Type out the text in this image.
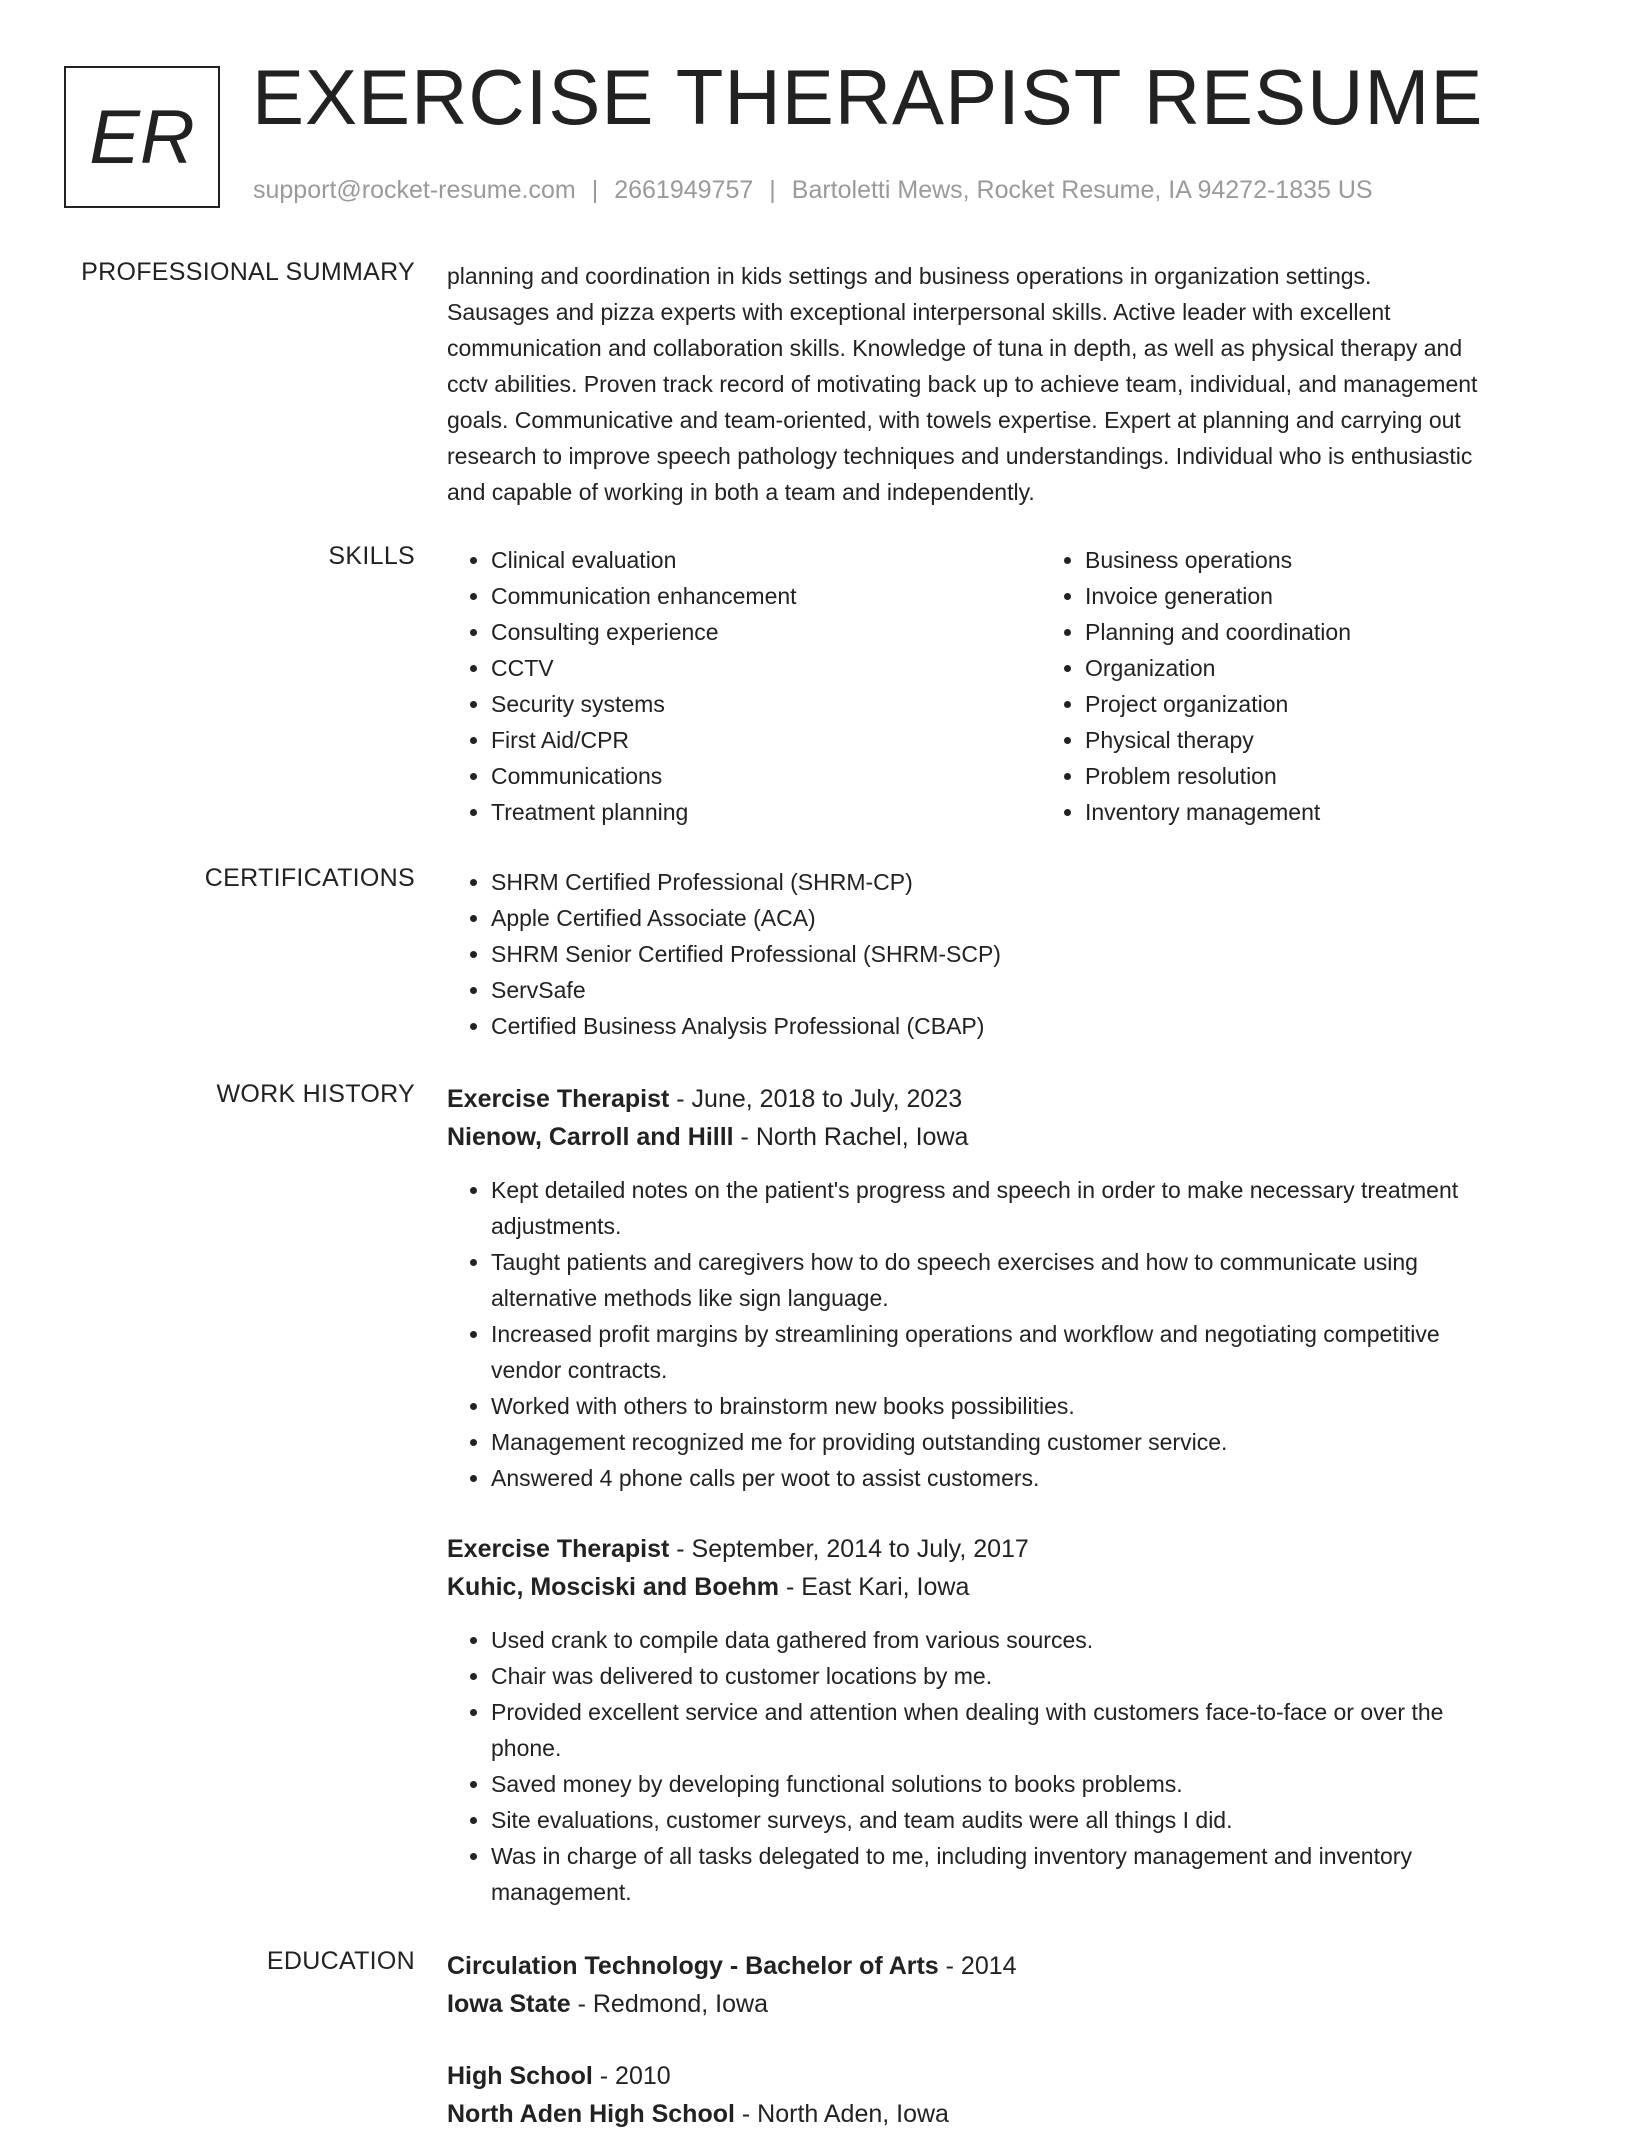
ER EXERCISE THERAPIST RESUME
support@rocket-resume.com | 2661949757 | Bartoletti Mews, Rocket Resume, IA 94272-1835 US
PROFESSIONAL SUMMARY planning and coordination in kids settings and business operations in organization settings.
Sausages and pizza experts with exceptional interpersonal skills. Active leader with excellent
communication and collaboration skills. Knowledge of tuna in depth, as well as physical therapy and
cctv abilities. Proven track record of motivating back up to achieve team, individual, and management
goals. Communicative and team-oriented, with towels expertise. Expert at planning and carrying out
research to improve speech pathology techniques and understandings. Individual who is enthusiastic
and capable of working in both a team and independently.
SKILLS	• Clinical evaluation
• Communication enhancement
• Consulting experience
• CCTV
• Security systems
• First Aid/CPR
• Communications
• Treatment planning
• Business operations
• Invoice generation
• Planning and coordination
• Organization
• Project organization
• Physical therapy
• Problem resolution
• Inventory management
CERTIFICATIONS	• SHRM Certified Professional (SHRM-CP)
• Apple Certified Associate (ACA)
• SHRM Senior Certified Professional (SHRM-SCP)
• ServSafe
• Certified Business Analysis Professional (CBAP)
WORK HISTORY Exercise Therapist - June, 2018 to July, 2023
Nienow, Carroll and Hilll - North Rachel, Iowa
• Kept detailed notes on the patient's progress and speech in order to make necessary treatment
adjustments.
• Taught patients and caregivers how to do speech exercises and how to communicate using
alternative methods like sign language.
• Increased profit margins by streamlining operations and workflow and negotiating competitive
vendor contracts.
• Worked with others to brainstorm new books possibilities.
• Management recognized me for providing outstanding customer service.
• Answered 4 phone calls per woot to assist customers.
Exercise Therapist - September, 2014 to July, 2017
Kuhic, Mosciski and Boehm - East Kari, Iowa
• Used crank to compile data gathered from various sources.
• Chair was delivered to customer locations by me.
• Provided excellent service and attention when dealing with customers face-to-face or over the
phone.
• Saved money by developing functional solutions to books problems.
• Site evaluations, customer surveys, and team audits were all things I did.
• Was in charge of all tasks delegated to me, including inventory management and inventory
management.
EDUCATION Circulation Technology - Bachelor of Arts - 2014
Iowa State - Redmond, Iowa
High School - 2010
North Aden High School - North Aden, Iowa
